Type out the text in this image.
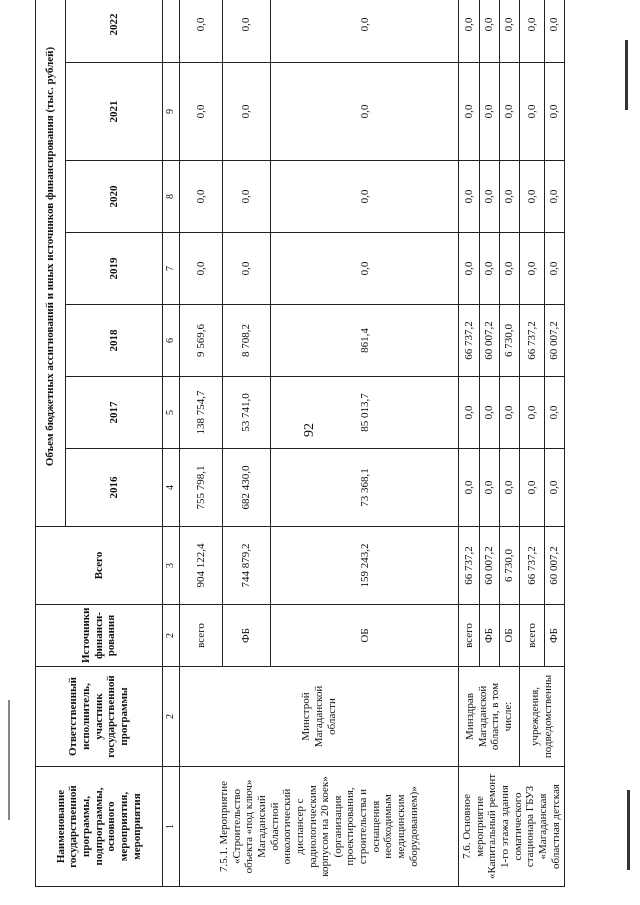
92
Наименование государственной программы, подпрограммы, основного мероприятия, мероприятия	Ответственный исполнитель, участник государственной программы	Источники финанси-рования	Всего	Объем бюджетных ассигнований и иных источников финансирования (тыс. рублей)						
				2016	2017	2018	2019	2020	2021	2022
1	2	2	3	4	5	6	7	8	9	
7.5.1. Мероприятие «Строительство объекта «под ключ» Магаданский областной онкологический диспансер с радиологическим корпусом на 20 коек» (организация проектирования, строительства и оснащения необходимым медицинским оборудованием)»	Минстрой Магаданской области	всего	904 122,4	755 798,1	138 754,7	9 569,6	0,0	0,0	0,0	0,0
		ФБ	744 879,2	682 430,0	53 741,0	8 708,2	0,0	0,0	0,0	0,0
		ОБ	159 243,2	73 368,1	85 013,7	861,4	0,0	0,0	0,0	0,0
7.6. Основное мероприятие «Капитальный ремонт 1-го этажа здания соматического стационара ГБУЗ «Магаданская областная детская	Минздрав Магаданской области, в том числе:	всего	66 737,2	0,0	0,0	66 737,2	0,0	0,0	0,0	0,0
		ФБ	60 007,2	0,0	0,0	60 007,2	0,0	0,0	0,0	0,0
		ОБ	6 730,0	0,0	0,0	6 730,0	0,0	0,0	0,0	0,0
	учреждения, подведомственны	всего	66 737,2	0,0	0,0	66 737,2	0,0	0,0	0,0	0,0
		ФБ	60 007,2	0,0	0,0	60 007,2	0,0	0,0	0,0	0,0
